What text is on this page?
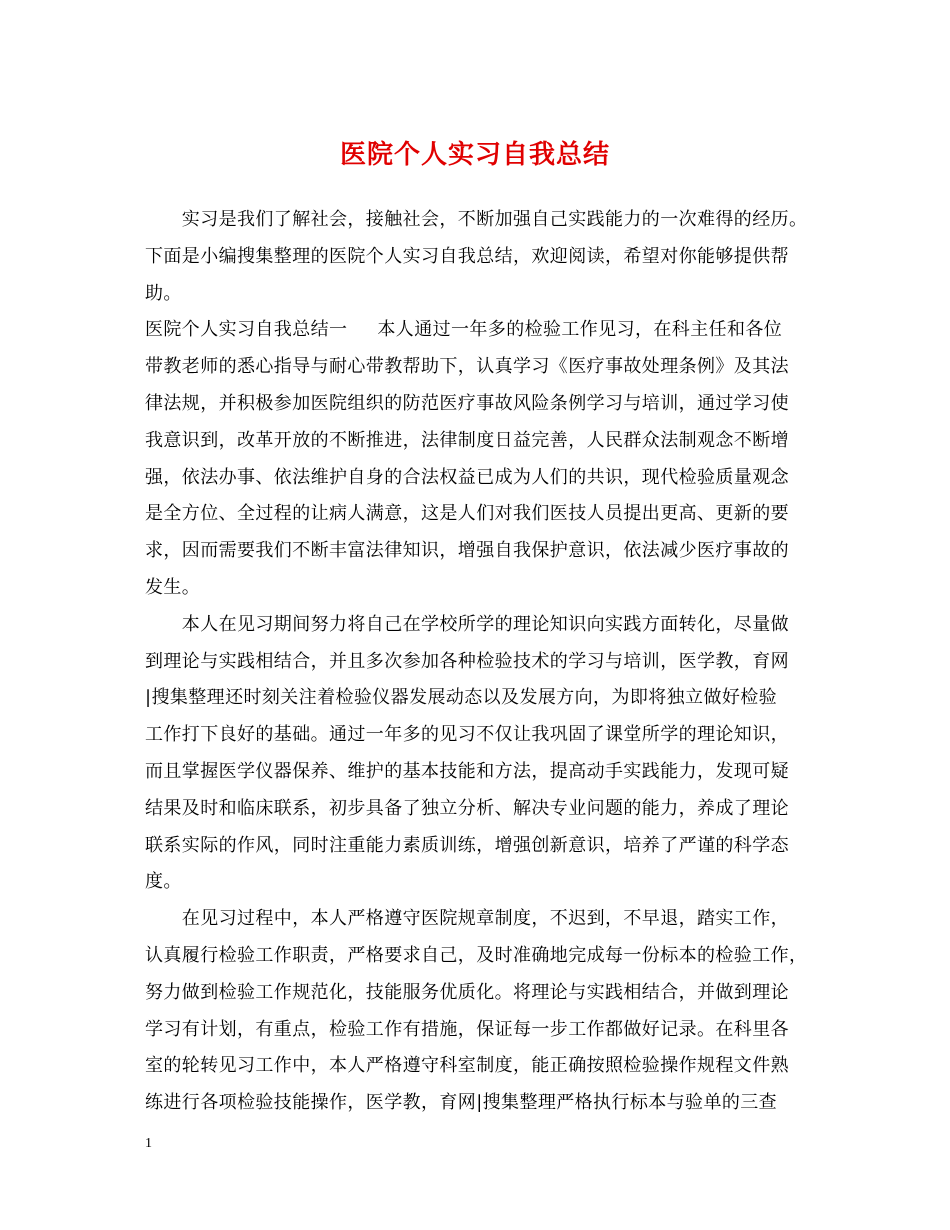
医院个人实习自我总结
　　实习是我们了解社会，接触社会，不断加强自己实践能力的一次难得的经历。
下面是小编搜集整理的医院个人实习自我总结，欢迎阅读，希望对你能够提供帮
助。
医院个人实习自我总结一 本人通过一年多的检验工作见习，在科主任和各位
带教老师的悉心指导与耐心带教帮助下，认真学习《医疗事故处理条例》及其法
律法规，并积极参加医院组织的防范医疗事故风险条例学习与培训，通过学习使
我意识到，改革开放的不断推进，法律制度日益完善，人民群众法制观念不断增
强，依法办事、依法维护自身的合法权益已成为人们的共识，现代检验质量观念
是全方位、全过程的让病人满意，这是人们对我们医技人员提出更高、更新的要
求，因而需要我们不断丰富法律知识，增强自我保护意识，依法减少医疗事故的
发生。
　　本人在见习期间努力将自己在学校所学的理论知识向实践方面转化，尽量做
到理论与实践相结合，并且多次参加各种检验技术的学习与培训，医学教，育网
|搜集整理还时刻关注着检验仪器发展动态以及发展方向，为即将独立做好检验
工作打下良好的基础。通过一年多的见习不仅让我巩固了课堂所学的理论知识，
而且掌握医学仪器保养、维护的基本技能和方法，提高动手实践能力，发现可疑
结果及时和临床联系，初步具备了独立分析、解决专业问题的能力，养成了理论
联系实际的作风，同时注重能力素质训练，增强创新意识，培养了严谨的科学态
度。
　　在见习过程中，本人严格遵守医院规章制度，不迟到，不早退，踏实工作，
认真履行检验工作职责，严格要求自己，及时准确地完成每一份标本的检验工作，
努力做到检验工作规范化，技能服务优质化。将理论与实践相结合，并做到理论
学习有计划，有重点，检验工作有措施，保证每一步工作都做好记录。在科里各
室的轮转见习工作中，本人严格遵守科室制度，能正确按照检验操作规程文件熟
练进行各项检验技能操作，医学教，育网|搜集整理严格执行标本与验单的三查
1
